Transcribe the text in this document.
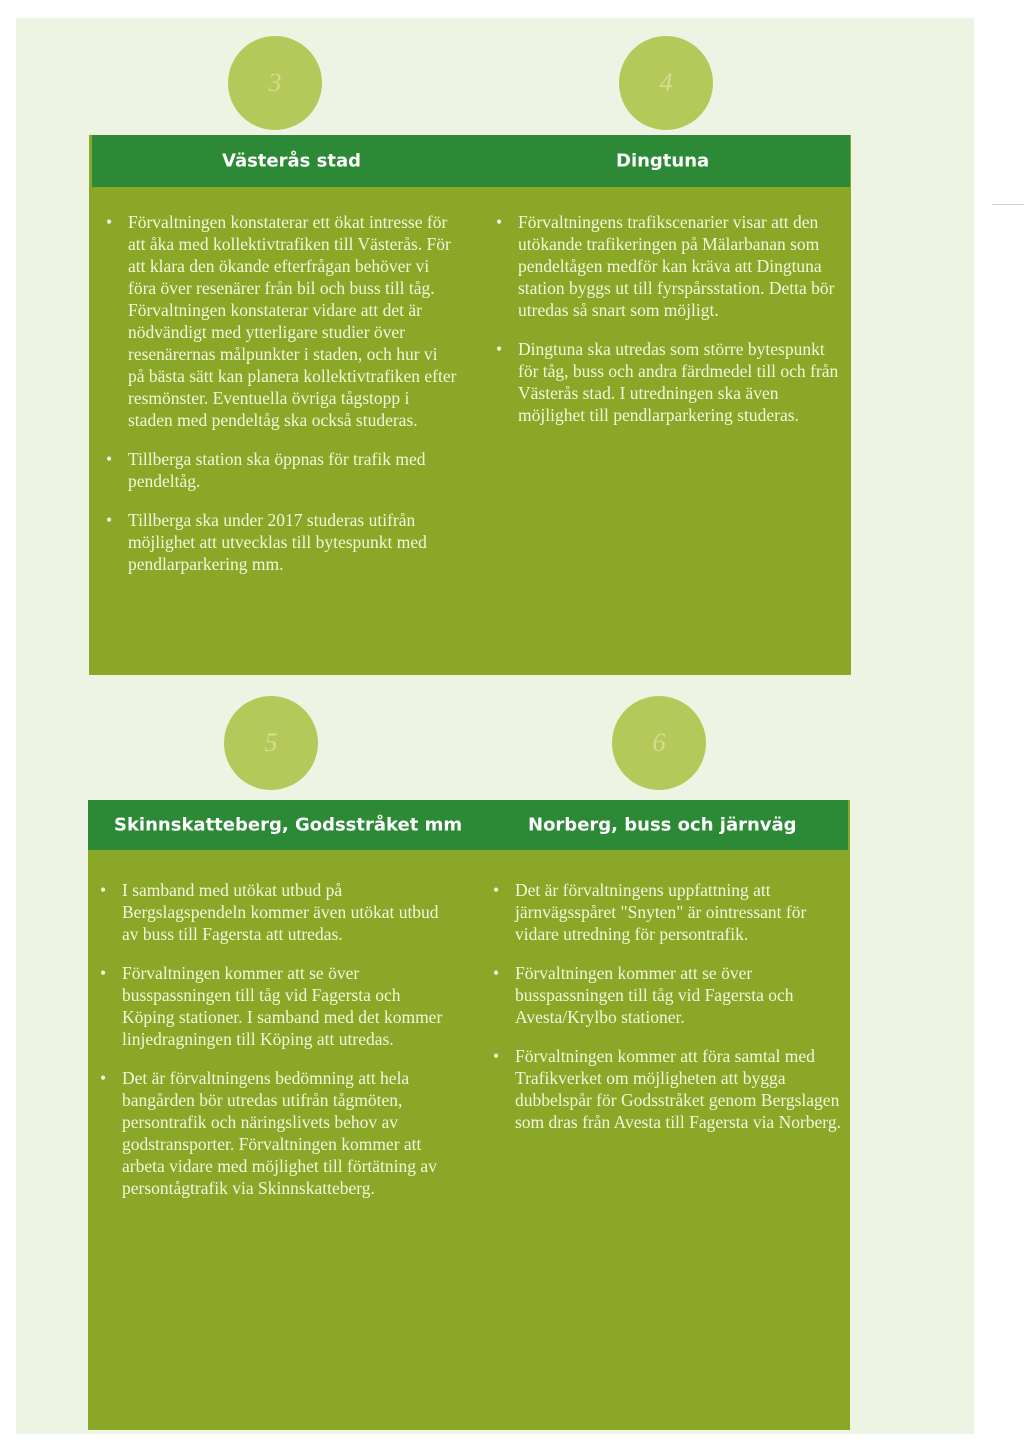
3	4
Västerås stad	Dingtuna
• Förvaltningen konstaterar ett ökat intresse för att åka med kollektivtrafiken till Västerås. För att klara den ökande efterfrågan behöver vi föra över resenärer från bil och buss till tåg. Förvaltningen konstaterar vidare att det är nödvändigt med ytterligare studier över resenärernas målpunkter i staden, och hur vi på bästa sätt kan planera kollektivtrafiken efter resmönster. Eventuella övriga tågstopp i staden med pendeltåg ska också studeras.
• Tillberga station ska öppnas för trafik med pendeltåg.
• Tillberga ska under 2017 studeras utifrån möjlighet att utvecklas till bytespunkt med pendlarparkering mm.
• Förvaltningens trafikscenarier visar att den utökande trafikeringen på Mälarbanan som pendeltågen medför kan kräva att Dingtuna station byggs ut till fyrspårsstation. Detta bör utredas så snart som möjligt.
• Dingtuna ska utredas som större bytespunkt för tåg, buss och andra färdmedel till och från Västerås stad. I utredningen ska även möjlighet till pendlarparkering studeras.
5	6
Skinnskatteberg, Godsstråket mm	Norberg, buss och järnväg
• I samband med utökat utbud på Bergslagspendeln kommer även utökat utbud av buss till Fagersta att utredas.
• Förvaltningen kommer att se över busspassningen till tåg vid Fagersta och Köping stationer. I samband med det kommer linjedragningen till Köping att utredas.
• Det är förvaltningens bedömning att hela bangården bör utredas utifrån tågmöten, persontrafik och näringslivets behov av godstransporter. Förvaltningen kommer att arbeta vidare med möjlighet till förtätning av persontågtrafik via Skinnskatteberg.
• Det är förvaltningens uppfattning att järnvägsspåret "Snyten" är ointressant för vidare utredning för persontrafik.
• Förvaltningen kommer att se över busspassningen till tåg vid Fagersta och Avesta/Krylbo stationer.
• Förvaltningen kommer att föra samtal med Trafikverket om möjligheten att bygga dubbelspår för Godsstråket genom Bergslagen som dras från Avesta till Fagersta via Norberg.
